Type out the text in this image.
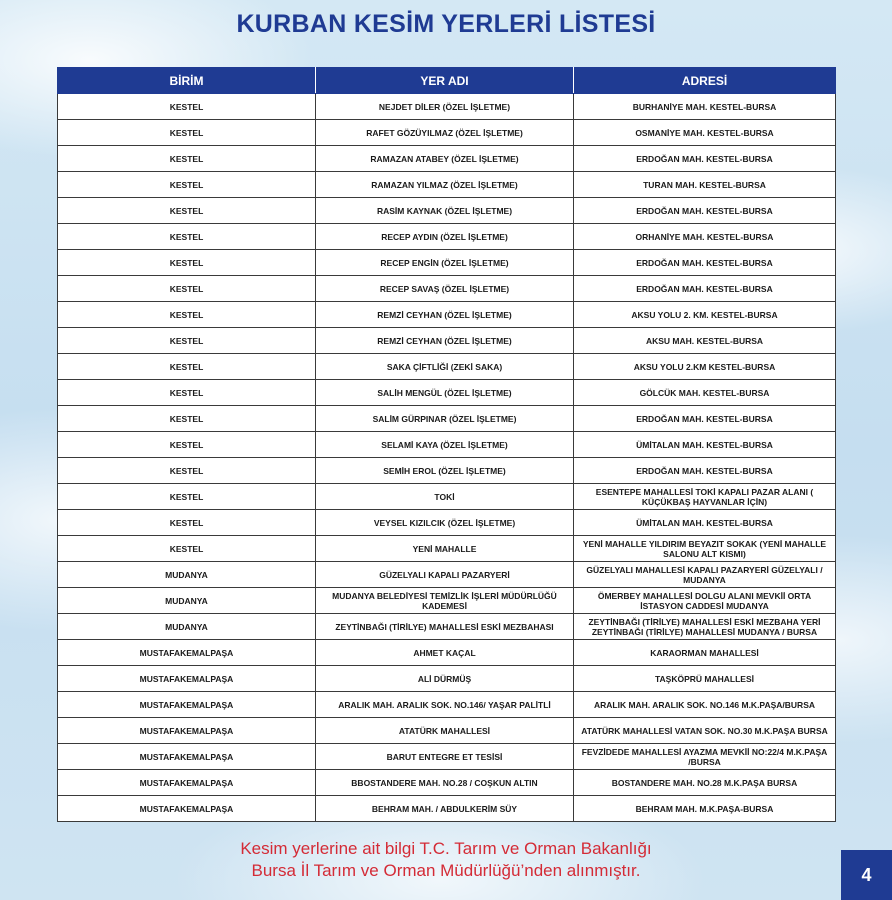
KURBAN KESİM YERLERİ LİSTESİ
BİRİM	YER ADI	ADRESİ
KESTEL	NEJDET DİLER (ÖZEL İŞLETME)	BURHANİYE MAH. KESTEL-BURSA
KESTEL	RAFET GÖZÜYILMAZ (ÖZEL İŞLETME)	OSMANİYE MAH. KESTEL-BURSA
KESTEL	RAMAZAN ATABEY (ÖZEL İŞLETME)	ERDOĞAN MAH. KESTEL-BURSA
KESTEL	RAMAZAN YILMAZ (ÖZEL İŞLETME)	TURAN MAH. KESTEL-BURSA
KESTEL	RASİM KAYNAK (ÖZEL İŞLETME)	ERDOĞAN MAH. KESTEL-BURSA
KESTEL	RECEP AYDIN (ÖZEL İŞLETME)	ORHANİYE MAH. KESTEL-BURSA
KESTEL	RECEP ENGİN (ÖZEL İŞLETME)	ERDOĞAN MAH. KESTEL-BURSA
KESTEL	RECEP SAVAŞ (ÖZEL İŞLETME)	ERDOĞAN MAH. KESTEL-BURSA
KESTEL	REMZİ CEYHAN (ÖZEL İŞLETME)	AKSU YOLU 2. KM. KESTEL-BURSA
KESTEL	REMZİ CEYHAN (ÖZEL İŞLETME)	AKSU MAH. KESTEL-BURSA
KESTEL	SAKA ÇİFTLİĞİ (ZEKİ SAKA)	AKSU YOLU 2.KM KESTEL-BURSA
KESTEL	SALİH MENGÜL (ÖZEL İŞLETME)	GÖLCÜK MAH. KESTEL-BURSA
KESTEL	SALİM GÜRPINAR (ÖZEL İŞLETME)	ERDOĞAN MAH. KESTEL-BURSA
KESTEL	SELAMİ KAYA (ÖZEL İŞLETME)	ÜMİTALAN MAH. KESTEL-BURSA
KESTEL	SEMİH EROL (ÖZEL İŞLETME)	ERDOĞAN MAH. KESTEL-BURSA
KESTEL	TOKİ	ESENTEPE MAHALLESİ TOKİ KAPALI PAZAR ALANI ( KÜÇÜKBAŞ HAYVANLAR İÇİN)
KESTEL	VEYSEL KIZILCIK (ÖZEL İŞLETME)	ÜMİTALAN MAH. KESTEL-BURSA
KESTEL	YENİ MAHALLE	YENİ MAHALLE YILDIRIM BEYAZIT SOKAK (YENİ MAHALLE SALONU ALT KISMI)
MUDANYA	GÜZELYALI KAPALI PAZARYERİ	GÜZELYALI MAHALLESİ KAPALI PAZARYERİ GÜZELYALI / MUDANYA
MUDANYA	MUDANYA BELEDİYESİ TEMİZLİK İŞLERİ MÜDÜRLÜĞÜ KADEMESİ	ÖMERBEY MAHALLESİ DOLGU ALANI MEVKİİ ORTA İSTASYON CADDESİ MUDANYA
MUDANYA	ZEYTİNBAĞI (TİRİLYE) MAHALLESİ ESKİ MEZBAHASI	ZEYTİNBAĞI (TİRİLYE) MAHALLESİ ESKİ MEZBAHA YERİ ZEYTİNBAĞI (TİRİLYE) MAHALLESİ MUDANYA / BURSA
MUSTAFAKEMALPAŞA	AHMET KAÇAL	KARAORMAN MAHALLESİ
MUSTAFAKEMALPAŞA	ALİ DÜRMÜŞ	TAŞKÖPRÜ MAHALLESİ
MUSTAFAKEMALPAŞA	ARALIK MAH. ARALIK SOK. NO.146/ YAŞAR PALİTLİ	ARALIK MAH. ARALIK SOK. NO.146 M.K.PAŞA/BURSA
MUSTAFAKEMALPAŞA	ATATÜRK MAHALLESİ	ATATÜRK MAHALLESİ VATAN SOK. NO.30 M.K.PAŞA BURSA
MUSTAFAKEMALPAŞA	BARUT ENTEGRE ET TESİSİ	FEVZİDEDE MAHALLESİ AYAZMA MEVKİİ NO:22/4 M.K.PAŞA /BURSA
MUSTAFAKEMALPAŞA	BBOSTANDERE MAH. NO.28 / COŞKUN ALTIN	BOSTANDERE MAH. NO.28 M.K.PAŞA BURSA
MUSTAFAKEMALPAŞA	BEHRAM MAH. / ABDULKERİM SÜY	BEHRAM MAH. M.K.PAŞA-BURSA
Kesim yerlerine ait bilgi T.C. Tarım ve Orman Bakanlığı
Bursa İl Tarım ve Orman Müdürlüğü’nden alınmıştır.	4
